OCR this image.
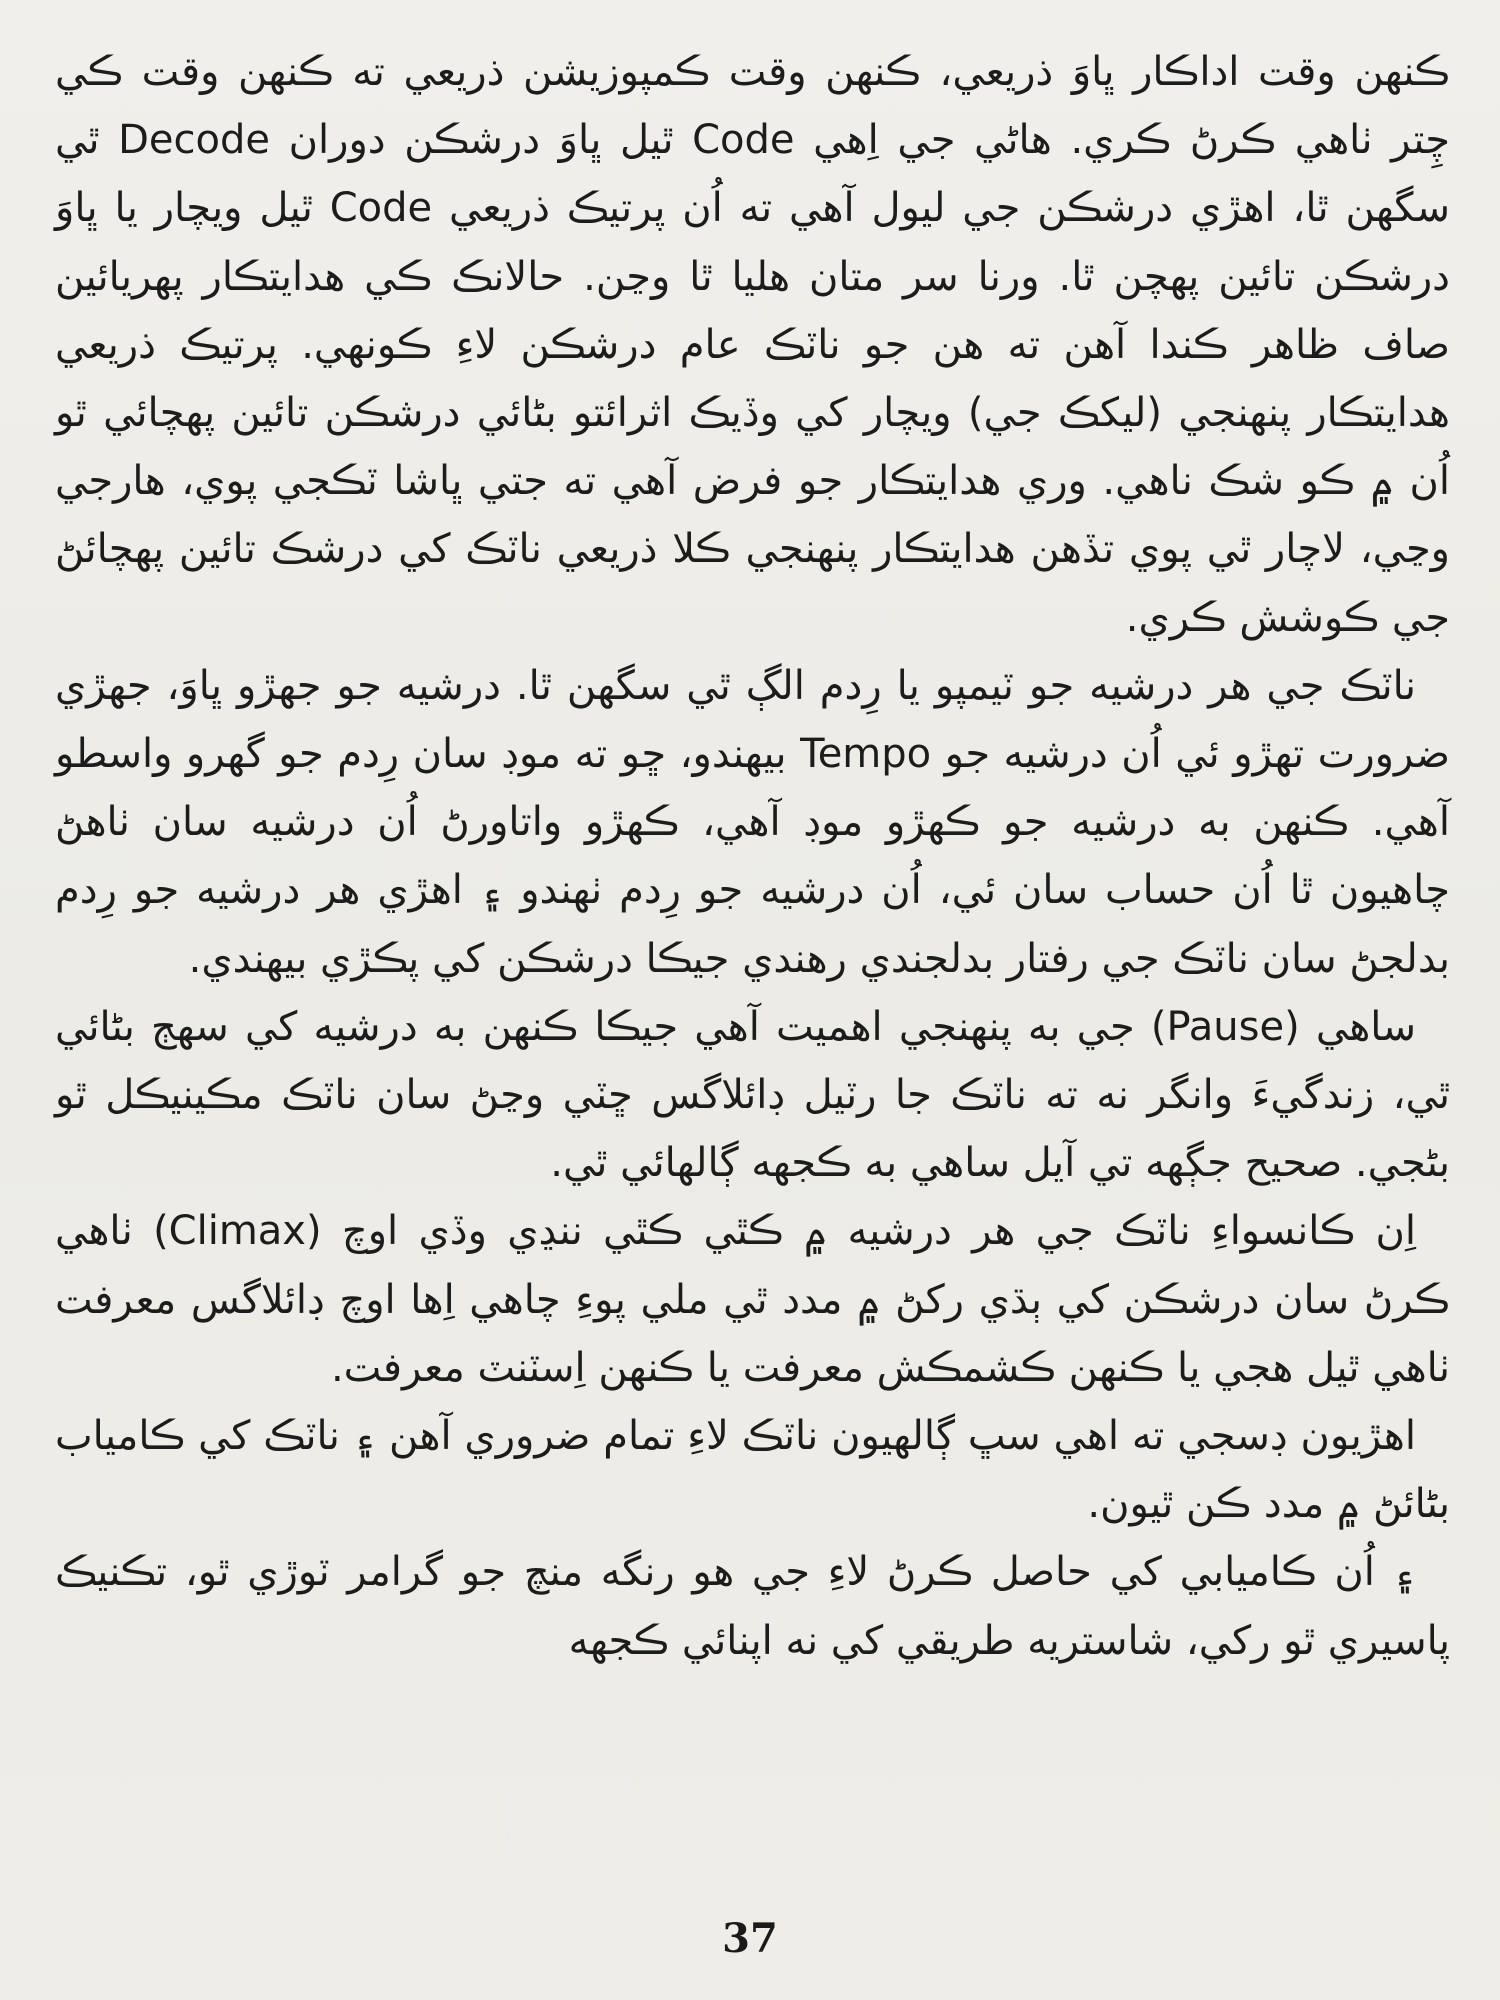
ڪنهن وقت اداڪار ڀاوَ ذريعي، ڪنهن وقت ڪمپوزيشن ذريعي ته ڪنهن وقت ڪي چِتر ٺاهي ڪرڻ ڪري. هاڻي جي اِهي Code ٿيل ڀاوَ درشڪن دوران Decode ٿي سگهن ٿا، اهڙي درشڪن جي ليول آهي ته اُن پرتيڪ ذريعي Code ٿيل ويچار يا ڀاوَ درشڪن تائين پهچن ٿا. ورنا سر متان هليا ٿا وڃن. حالانڪ ڪي هدايتڪار پهريائين صاف ظاهر ڪندا آهن ته هن جو ناٽڪ عام درشڪن لاءِ ڪونهي. پرتيڪ ذريعي هدايتڪار پنهنجي (ليکڪ جي) ويچار کي وڏيڪ اثرائتو بڻائي درشڪن تائين پهچائي ٿو اُن ۾ ڪو شڪ ناهي. وري هدايتڪار جو فرض آهي ته جتي ڀاشا ٽڪجي پوي، هارجي وڃي، لاچار ٿي پوي تڏهن هدايتڪار پنهنجي ڪلا ذريعي ناٽڪ کي درشڪ تائين پهچائڻ جي ڪوشش ڪري.

ناٽڪ جي هر درشيه جو ٽيمپو يا رِدم الڳ ٿي سگهن ٿا. درشيه جو جهڙو ڀاوَ، جهڙي ضرورت تهڙو ئي اُن درشيه جو Tempo بيهندو، ڇو ته موڊ سان رِدم جو گهرو واسطو آهي. ڪنهن به درشيه جو ڪهڙو موڊ آهي، ڪهڙو واتاورڻ اُن درشيه سان ٺاهڻ چاهيون ٿا اُن حساب سان ئي، اُن درشيه جو رِدم ٺهندو ۽ اهڙي هر درشيه جو رِدم بدلجڻ سان ناٽڪ جي رفتار بدلجندي رهندي جيڪا درشڪن کي پڪڙي بيهندي.

ساهي (Pause) جي به پنهنجي اهميت آهي جيڪا ڪنهن به درشيه کي سهڄ بڻائي ٿي، زندگيءَ وانگر نه ته ناٽڪ جا رٽيل ڊائلاگس ڇٽي وڃڻ سان ناٽڪ مڪينيڪل ٿو بڻجي. صحيح جڳهه تي آيل ساهي به ڪجهه ڳالهائي ٿي.

اِن ڪانسواءِ ناٽڪ جي هر درشيه ۾ ڪٿي ڪٿي ننڍي وڏي اوچ (Climax) ٺاهي ڪرڻ سان درشڪن کي ٻڌي رکڻ ۾ مدد ٿي ملي پوءِ چاهي اِها اوچ ڊائلاگس معرفت ٺاهي ٿيل هجي يا ڪنهن ڪشمڪش معرفت يا ڪنهن اِسٽنٽ معرفت.

اهڙيون ڊسجي ته اهي سڀ ڳالهيون ناٽڪ لاءِ تمام ضروري آهن ۽ ناٽڪ کي ڪامياب بڻائڻ ۾ مدد ڪن ٿيون.

۽ اُن ڪاميابي کي حاصل ڪرڻ لاءِ جي هو رنگه منچ جو گرامر ٽوڙي ٿو، تڪنيڪ پاسيري ٿو رکي، شاستريه طريقي کي نه اپنائي ڪجهه

37
